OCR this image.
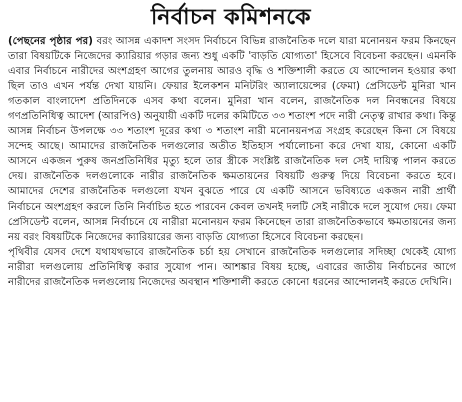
নির্বাচন কমিশনকে

(পেছনের পৃষ্ঠার পর) বরং আসন্ন একাদশ সংসদ নির্বাচনে বিভিন্ন রাজনৈতিক দলে যারা মনোনয়ন ফরম কিনছেন তারা বিষয়টিকে নিজেদের ক্যারিয়ার গড়ার জন্য শুধু একটি 'বাড়তি যোগ্যতা' হিসেবে বিবেচনা করছেন। এমনকি এবার নির্বাচনে নারীদের অংশগ্রহণ আগের তুলনায় আরও বৃদ্ধি ও শক্তিশালী করতে যে আন্দোলন হওয়ার কথা ছিল তাও এখন পর্যন্ত দেখা যায়নি। ফেয়ার ইলেকশন মনিটরিং অ্যালায়েন্সের (ফেমা) প্রেসিডেন্ট মুনিরা খান গতকাল বাংলাদেশ প্রতিদিনকে এসব কথা বলেন। মুনিরা খান বলেন, রাজনৈতিক দল নিবন্ধনের বিষয়ে গণপ্রতিনিধিত্ব আদেশ (আরপিও) অনুযায়ী একটি দলের কমিটিতে ৩৩ শতাংশ পদে নারী নেতৃত্ব রাখার কথা। কিন্তু আসন্ন নির্বাচন উপলক্ষে ৩৩ শতাংশ দূরের কথা ৩ শতাংশ নারী মনোনয়নপত্র সংগ্রহ করেছেন কিনা সে বিষয়ে সন্দেহ আছে। আমাদের রাজনৈতিক দলগুলোর অতীত ইতিহাস পর্যালোচনা করে দেখা যায়, কোনো একটি আসনে একজন পুরুষ জনপ্রতিনিধির মৃত্যু হলে তার স্ত্রীকে সংশ্লিষ্ট রাজনৈতিক দল সেই দায়িত্ব পালন করতে দেয়। রাজনৈতিক দলগুলোকে নারীর রাজনৈতিক ক্ষমতায়নের বিষয়টি গুরুত্ব দিয়ে বিবেচনা করতে হবে। আমাদের দেশের রাজনৈতিক দলগুলো যখন বুঝতে পারে যে একটি আসনে ভবিষ্যতে একজন নারী প্রার্থী নির্বাচনে অংশগ্রহণ করলে তিনি নির্বাচিত হতে পারবেন কেবল তখনই দলটি সেই নারীকে দলে সুযোগ দেয়। ফেমা প্রেসিডেন্ট বলেন, আসন্ন নির্বাচনে যে নারীরা মনোনয়ন ফরম কিনেছেন তারা রাজনৈতিকভাবে ক্ষমতায়নের জন্য নয় বরং বিষয়টিকে নিজেদের ক্যারিয়ারের জন্য বাড়তি যোগ্যতা হিসেবে বিবেচনা করছেন।

পৃথিবীর যেসব দেশে যথাযথভাবে রাজনৈতিক চর্চা হয় সেখানে রাজনৈতিক দলগুলোর সদিচ্ছা থেকেই যোগ্য নারীরা দলগুলোয় প্রতিনিধিত্ব করার সুযোগ পান। আশঙ্কার বিষয় হচ্ছে, এবারের জাতীয় নির্বাচনের আগে নারীদের রাজনৈতিক দলগুলোয় নিজেদের অবস্থান শক্তিশালী করতে কোনো ধরনের আন্দোলনই করতে দেখিনি।
